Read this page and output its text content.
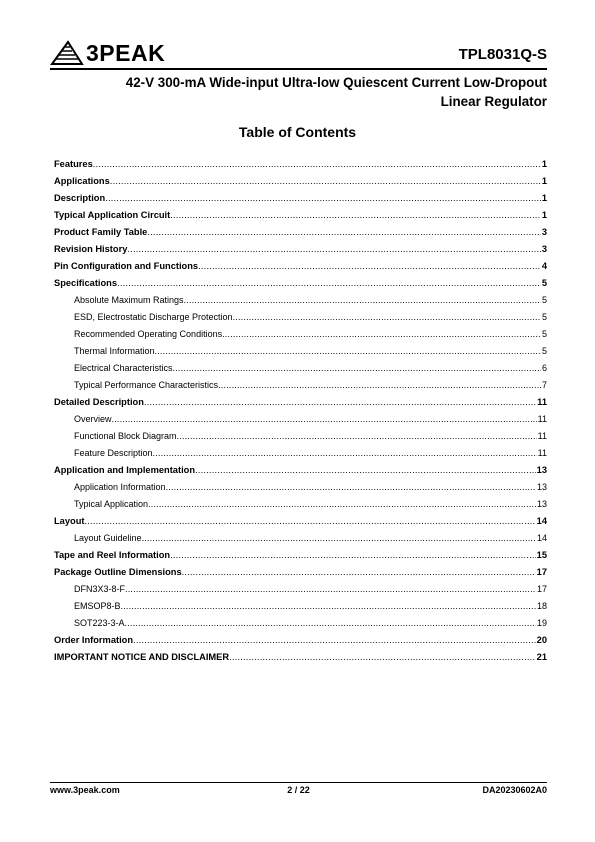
3PEAK	TPL8031Q-S
42-V 300-mA Wide-input Ultra-low Quiescent Current Low-Dropout
Linear Regulator
Table of Contents
Features .....	1
Applications .....	1
Description .....	1
Typical Application Circuit .....	1
Product Family Table .....	3
Revision History .....	3
Pin Configuration and Functions .....	4
Specifications .....	5
Absolute Maximum Ratings .....	5
ESD, Electrostatic Discharge Protection .....	5
Recommended Operating Conditions .....	5
Thermal Information .....	5
Electrical Characteristics .....	6
Typical Performance Characteristics .....	7
Detailed Description .....	11
Overview .....	11
Functional Block Diagram .....	11
Feature Description .....	11
Application and Implementation .....	13
Application Information .....	13
Typical Application .....	13
Layout .....	14
Layout Guideline .....	14
Tape and Reel Information .....	15
Package Outline Dimensions .....	17
DFN3X3-8-F .....	17
EMSOP8-B .....	18
SOT223-3-A .....	19
Order Information .....	20
IMPORTANT NOTICE AND DISCLAIMER .....	21
www.3peak.com	2 / 22	DA20230602A0
